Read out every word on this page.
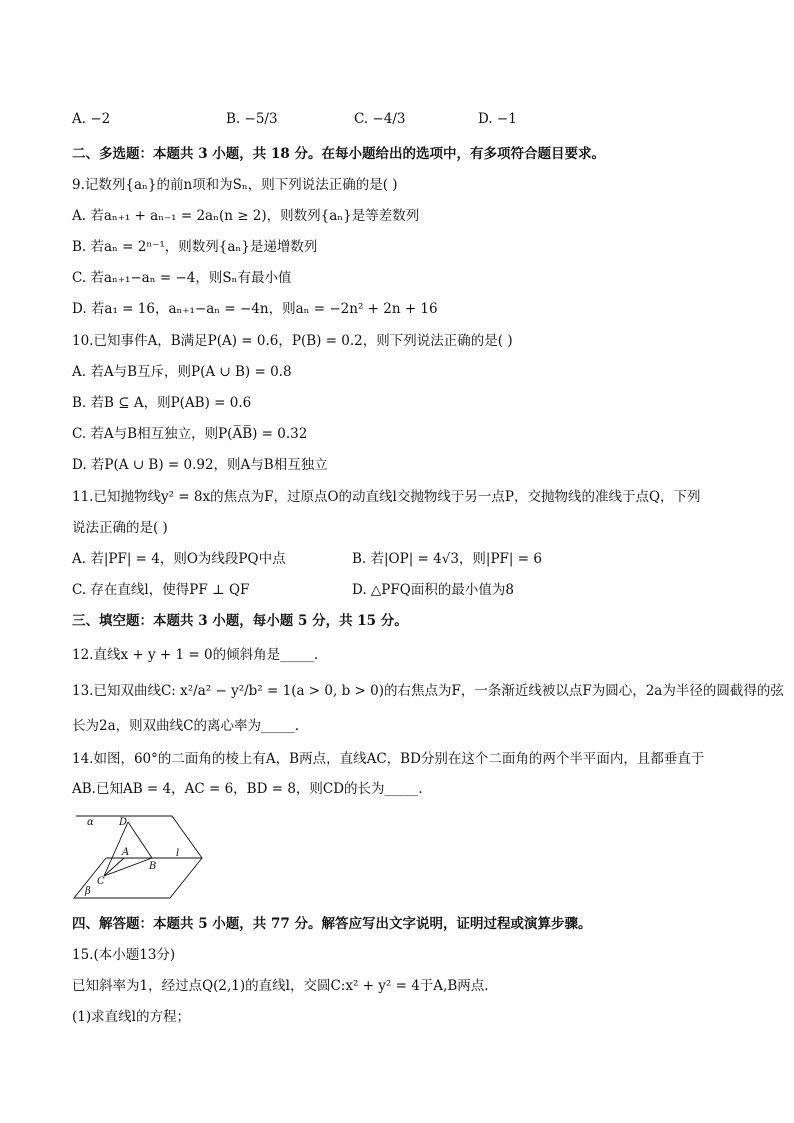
A. −2	B. −5/3	C. −4/3	D. −1
二、多选题：本题共 3 小题，共 18 分。在每小题给出的选项中，有多项符合题目要求。
9.记数列{aₙ}的前n项和为Sₙ，则下列说法正确的是( )
A. 若aₙ₊₁ + aₙ₋₁ = 2aₙ(n ≥ 2)，则数列{aₙ}是等差数列
B. 若aₙ = 2ⁿ⁻¹，则数列{aₙ}是递增数列
C. 若aₙ₊₁−aₙ = −4，则Sₙ有最小值
D. 若a₁ = 16，aₙ₊₁−aₙ = −4n，则aₙ = −2n² + 2n + 16
10.已知事件A，B满足P(A) = 0.6，P(B) = 0.2，则下列说法正确的是( )
A. 若A与B互斥，则P(A ∪ B) = 0.8
B. 若B ⊆ A，则P(AB) = 0.6
C. 若A与B相互独立，则P(A̅B̅) = 0.32
D. 若P(A ∪ B) = 0.92，则A与B相互独立
11.已知抛物线y² = 8x的焦点为F，过原点O的动直线l交抛物线于另一点P，交抛物线的准线于点Q，下列
说法正确的是( )
A. 若|PF| = 4，则O为线段PQ中点	B. 若|OP| = 4√3，则|PF| = 6
C. 存在直线l，使得PF ⊥ QF	D. △PFQ面积的最小值为8
三、填空题：本题共 3 小题，每小题 5 分，共 15 分。
12.直线x + y + 1 = 0的倾斜角是_____.
13.已知双曲线C: x²/a² − y²/b² = 1(a > 0, b > 0)的右焦点为F，一条渐近线被以点F为圆心，2a为半径的圆截得的弦
长为2a，则双曲线C的离心率为_____.
14.如图，60°的二面角的棱上有A，B两点，直线AC，BD分别在这个二面角的两个半平面内，且都垂直于
AB.已知AB = 4，AC = 6，BD = 8，则CD的长为_____.
α
β
A
B
C
D
l
四、解答题：本题共 5 小题，共 77 分。解答应写出文字说明，证明过程或演算步骤。
15.(本小题13分)
已知斜率为1，经过点Q(2,1)的直线l，交圆C:x² + y² = 4于A,B两点.
(1)求直线l的方程；
